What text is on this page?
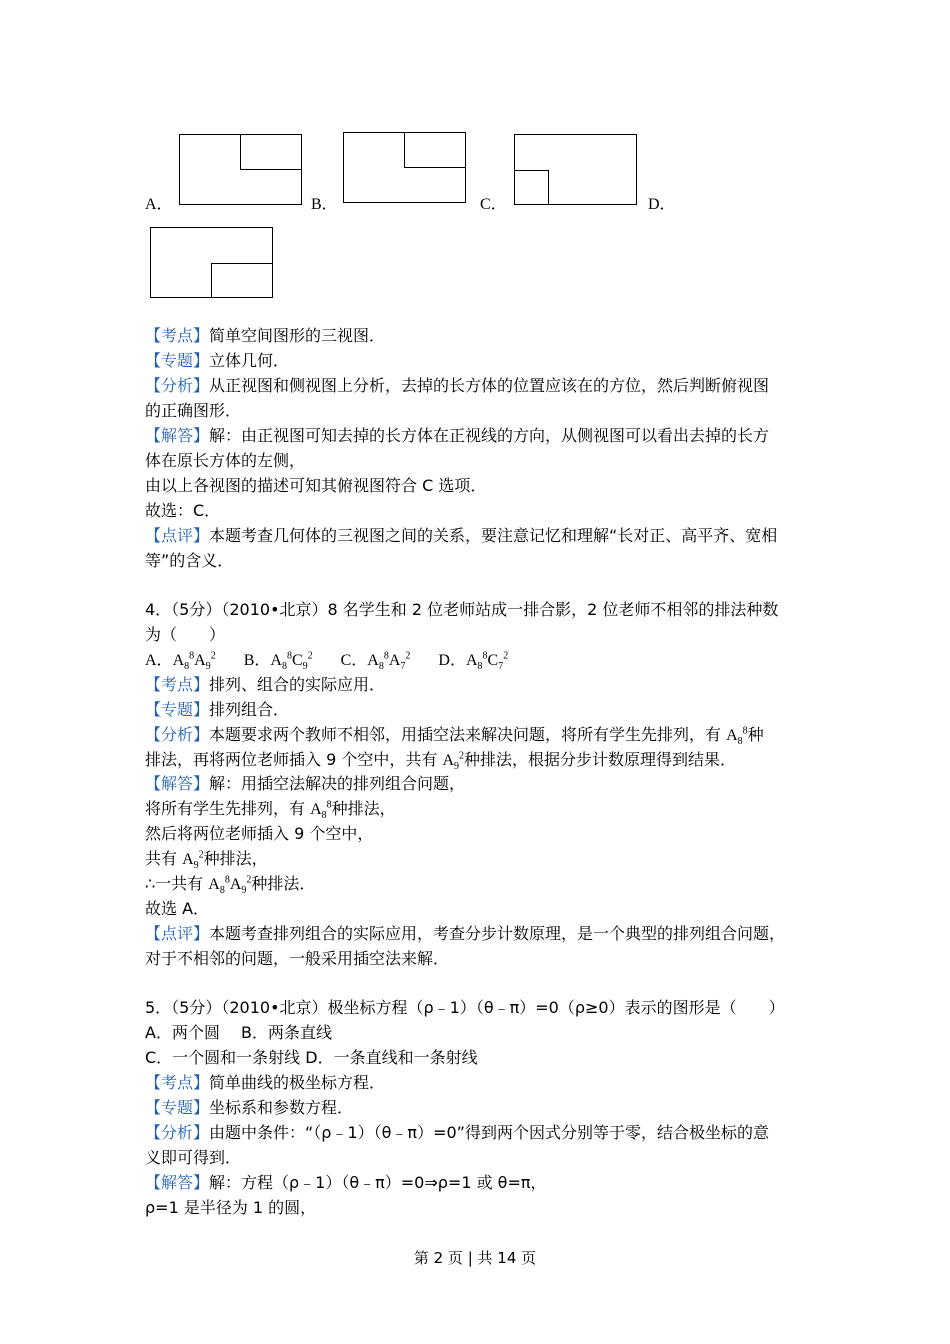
A．	B．	C．	D．
【考点】简单空间图形的三视图．
【专题】立体几何．
【分析】从正视图和侧视图上分析，去掉的长方体的位置应该在的方位，然后判断俯视图
的正确图形．
【解答】解：由正视图可知去掉的长方体在正视线的方向，从侧视图可以看出去掉的长方
体在原长方体的左侧，
由以上各视图的描述可知其俯视图符合 C 选项．
故选：C．
【点评】本题考查几何体的三视图之间的关系，要注意记忆和理解“长对正、高平齐、宽相
等”的含义．
4．（5分）（2010•北京）8 名学生和 2 位老师站成一排合影，2 位老师不相邻的排法种数
为（　　）
A．$A_8^8A_9^2$ B．$A_8^8C_9^2$ C．$A_8^8A_7^2$ D．$A_8^8C_7^2$
【考点】排列、组合的实际应用．
【专题】排列组合．
【分析】本题要求两个教师不相邻，用插空法来解决问题，将所有学生先排列，有 $A_8^8$种
排法，再将两位老师插入 9 个空中，共有 $A_9^2$种排法，根据分步计数原理得到结果．
【解答】解：用插空法解决的排列组合问题，
将所有学生先排列，有 $A_8^8$种排法，
然后将两位老师插入 9 个空中，
共有 $A_9^2$种排法，
∴一共有 $A_8^8A_9^2$种排法．
故选 A．
【点评】本题考查排列组合的实际应用，考查分步计数原理，是一个典型的排列组合问题，
对于不相邻的问题，一般采用插空法来解．
5．（5分）（2010•北京）极坐标方程（ρ﹣1）（θ﹣π）=0（ρ≥0）表示的图形是（　　）
A．两个圆　 B．两条直线
C．一个圆和一条射线 D．一条直线和一条射线
【考点】简单曲线的极坐标方程．
【专题】坐标系和参数方程．
【分析】由题中条件：“（ρ﹣1）（θ﹣π）=0”得到两个因式分别等于零，结合极坐标的意
义即可得到．
【解答】解：方程（ρ﹣1）（θ﹣π）=0⇒ρ=1 或 θ=π，
ρ=1 是半径为 1 的圆，
第 2 页 | 共 14 页
